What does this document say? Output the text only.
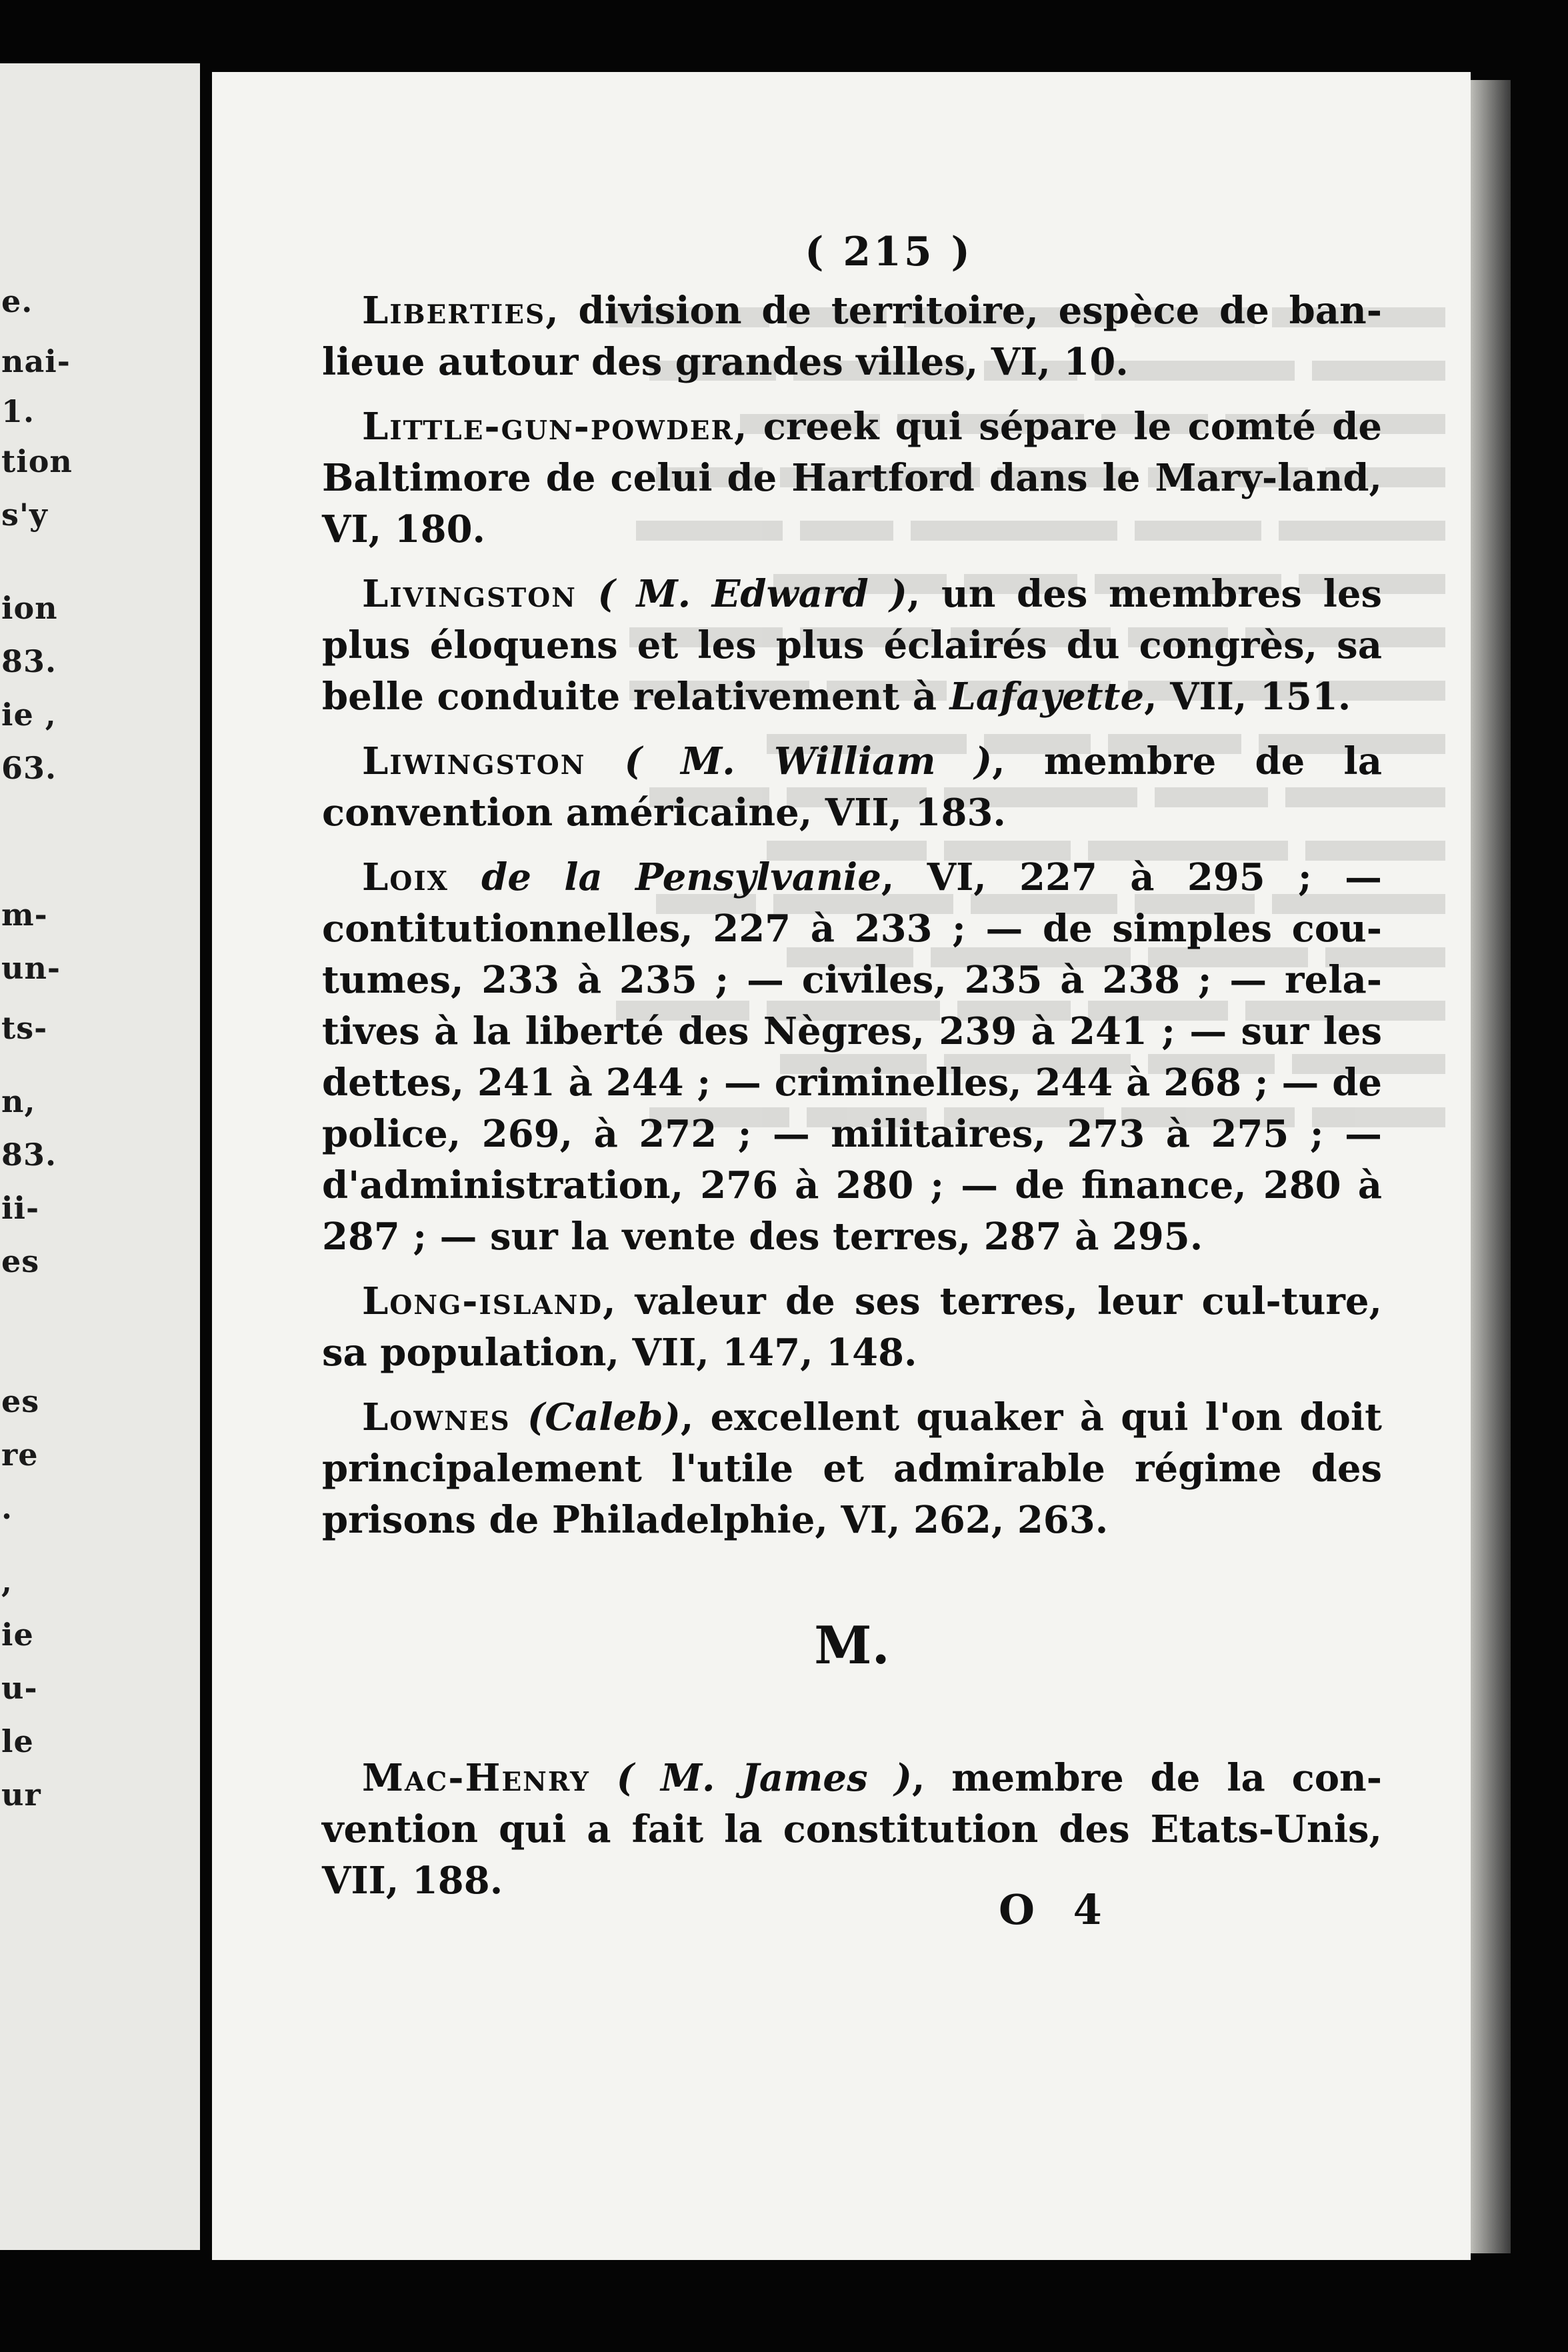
e.
nai-
1.
tion
s'y
ion
83.
ie ,
63.
m-
un-
ts-
n,
83.
ii-
es
es
re
.
,
ie
u-
le
ur
( 215 )

Liberties, division de territoire, espèce de ban-lieue autour des grandes villes, VI, 10.

Little-gun-powder, creek qui sépare le comté de Baltimore de celui de Hartford dans le Mary-land, VI, 180.

Livingston ( M. Edward ), un des membres les plus éloquens et les plus éclairés du congrès, sa belle conduite relativement à Lafayette, VII, 151.

Liwingston ( M. William ), membre de la convention américaine, VII, 183.

Loix de la Pensylvanie, VI, 227 à 295 ; — contitutionnelles, 227 à 233 ; — de simples cou-tumes, 233 à 235 ; — civiles, 235 à 238 ; — rela-tives à la liberté des Nègres, 239 à 241 ; — sur les dettes, 241 à 244 ; — criminelles, 244 à 268 ; — de police, 269, à 272 ; — militaires, 273 à 275 ; — d'administration, 276 à 280 ; — de finance, 280 à 287 ; — sur la vente des terres, 287 à 295.

Long-island, valeur de ses terres, leur cul-ture, sa population, VII, 147, 148.

Lownes (Caleb), excellent quaker à qui l'on doit principalement l'utile et admirable régime des prisons de Philadelphie, VI, 262, 263.

M.

Mac-Henry ( M. James ), membre de la con-vention qui a fait la constitution des Etats-Unis, VII, 188.

O 4
